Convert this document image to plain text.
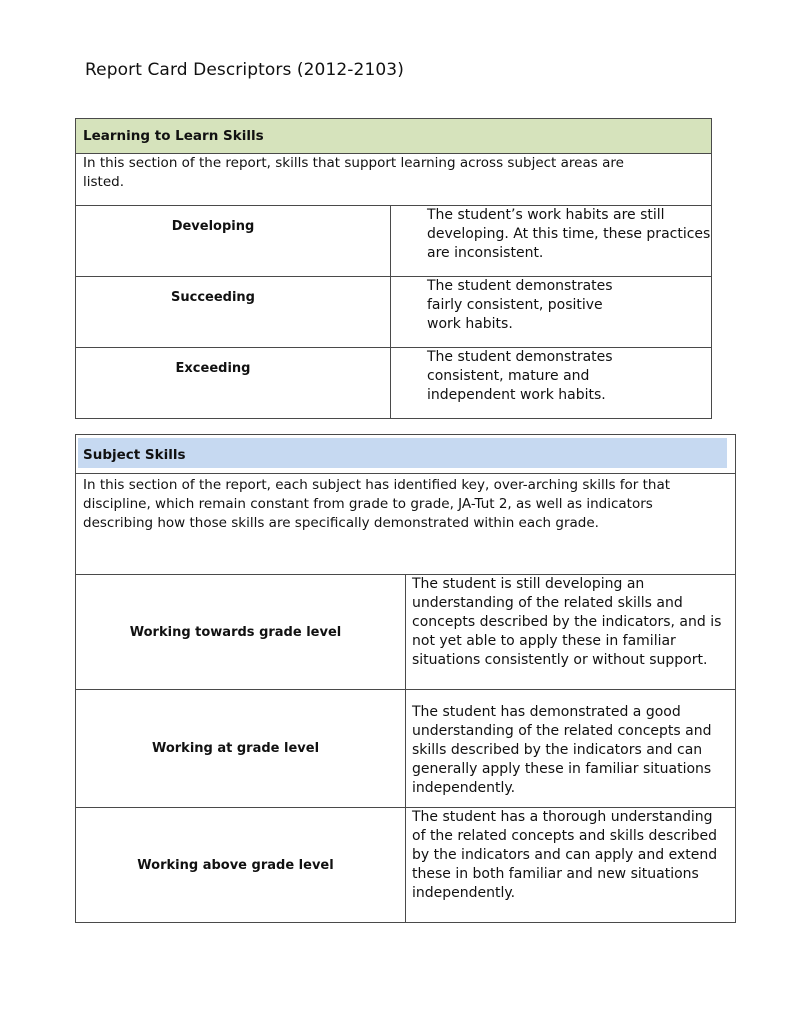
Report Card Descriptors (2012-2103)
Learning to Learn Skills	

In this section of the report, skills that support learning across subject areas are listed.	
Developing	The student’s work habits are still developing. At this time, these practices are inconsistent.
Succeeding	The student demonstrates fairly consistent, positive work habits.
Exceeding	The student demonstrates consistent, mature and independent work habits.
Subject Skills	

In this section of the report, each subject has identified key, over-arching skills for that discipline, which remain constant from grade to grade, JA-Tut 2, as well as indicators describing how those skills are specifically demonstrated within each grade.	
Working towards grade level	The student is still developing an understanding of the related skills and concepts described by the indicators, and is not yet able to apply these in familiar situations consistently or without support.
Working at grade level	The student has demonstrated a good understanding of the related concepts and skills described by the indicators and can generally apply these in familiar situations independently.
Working above grade level	The student has a thorough understanding of the related concepts and skills described by the indicators and can apply and extend these in both familiar and new situations independently.
